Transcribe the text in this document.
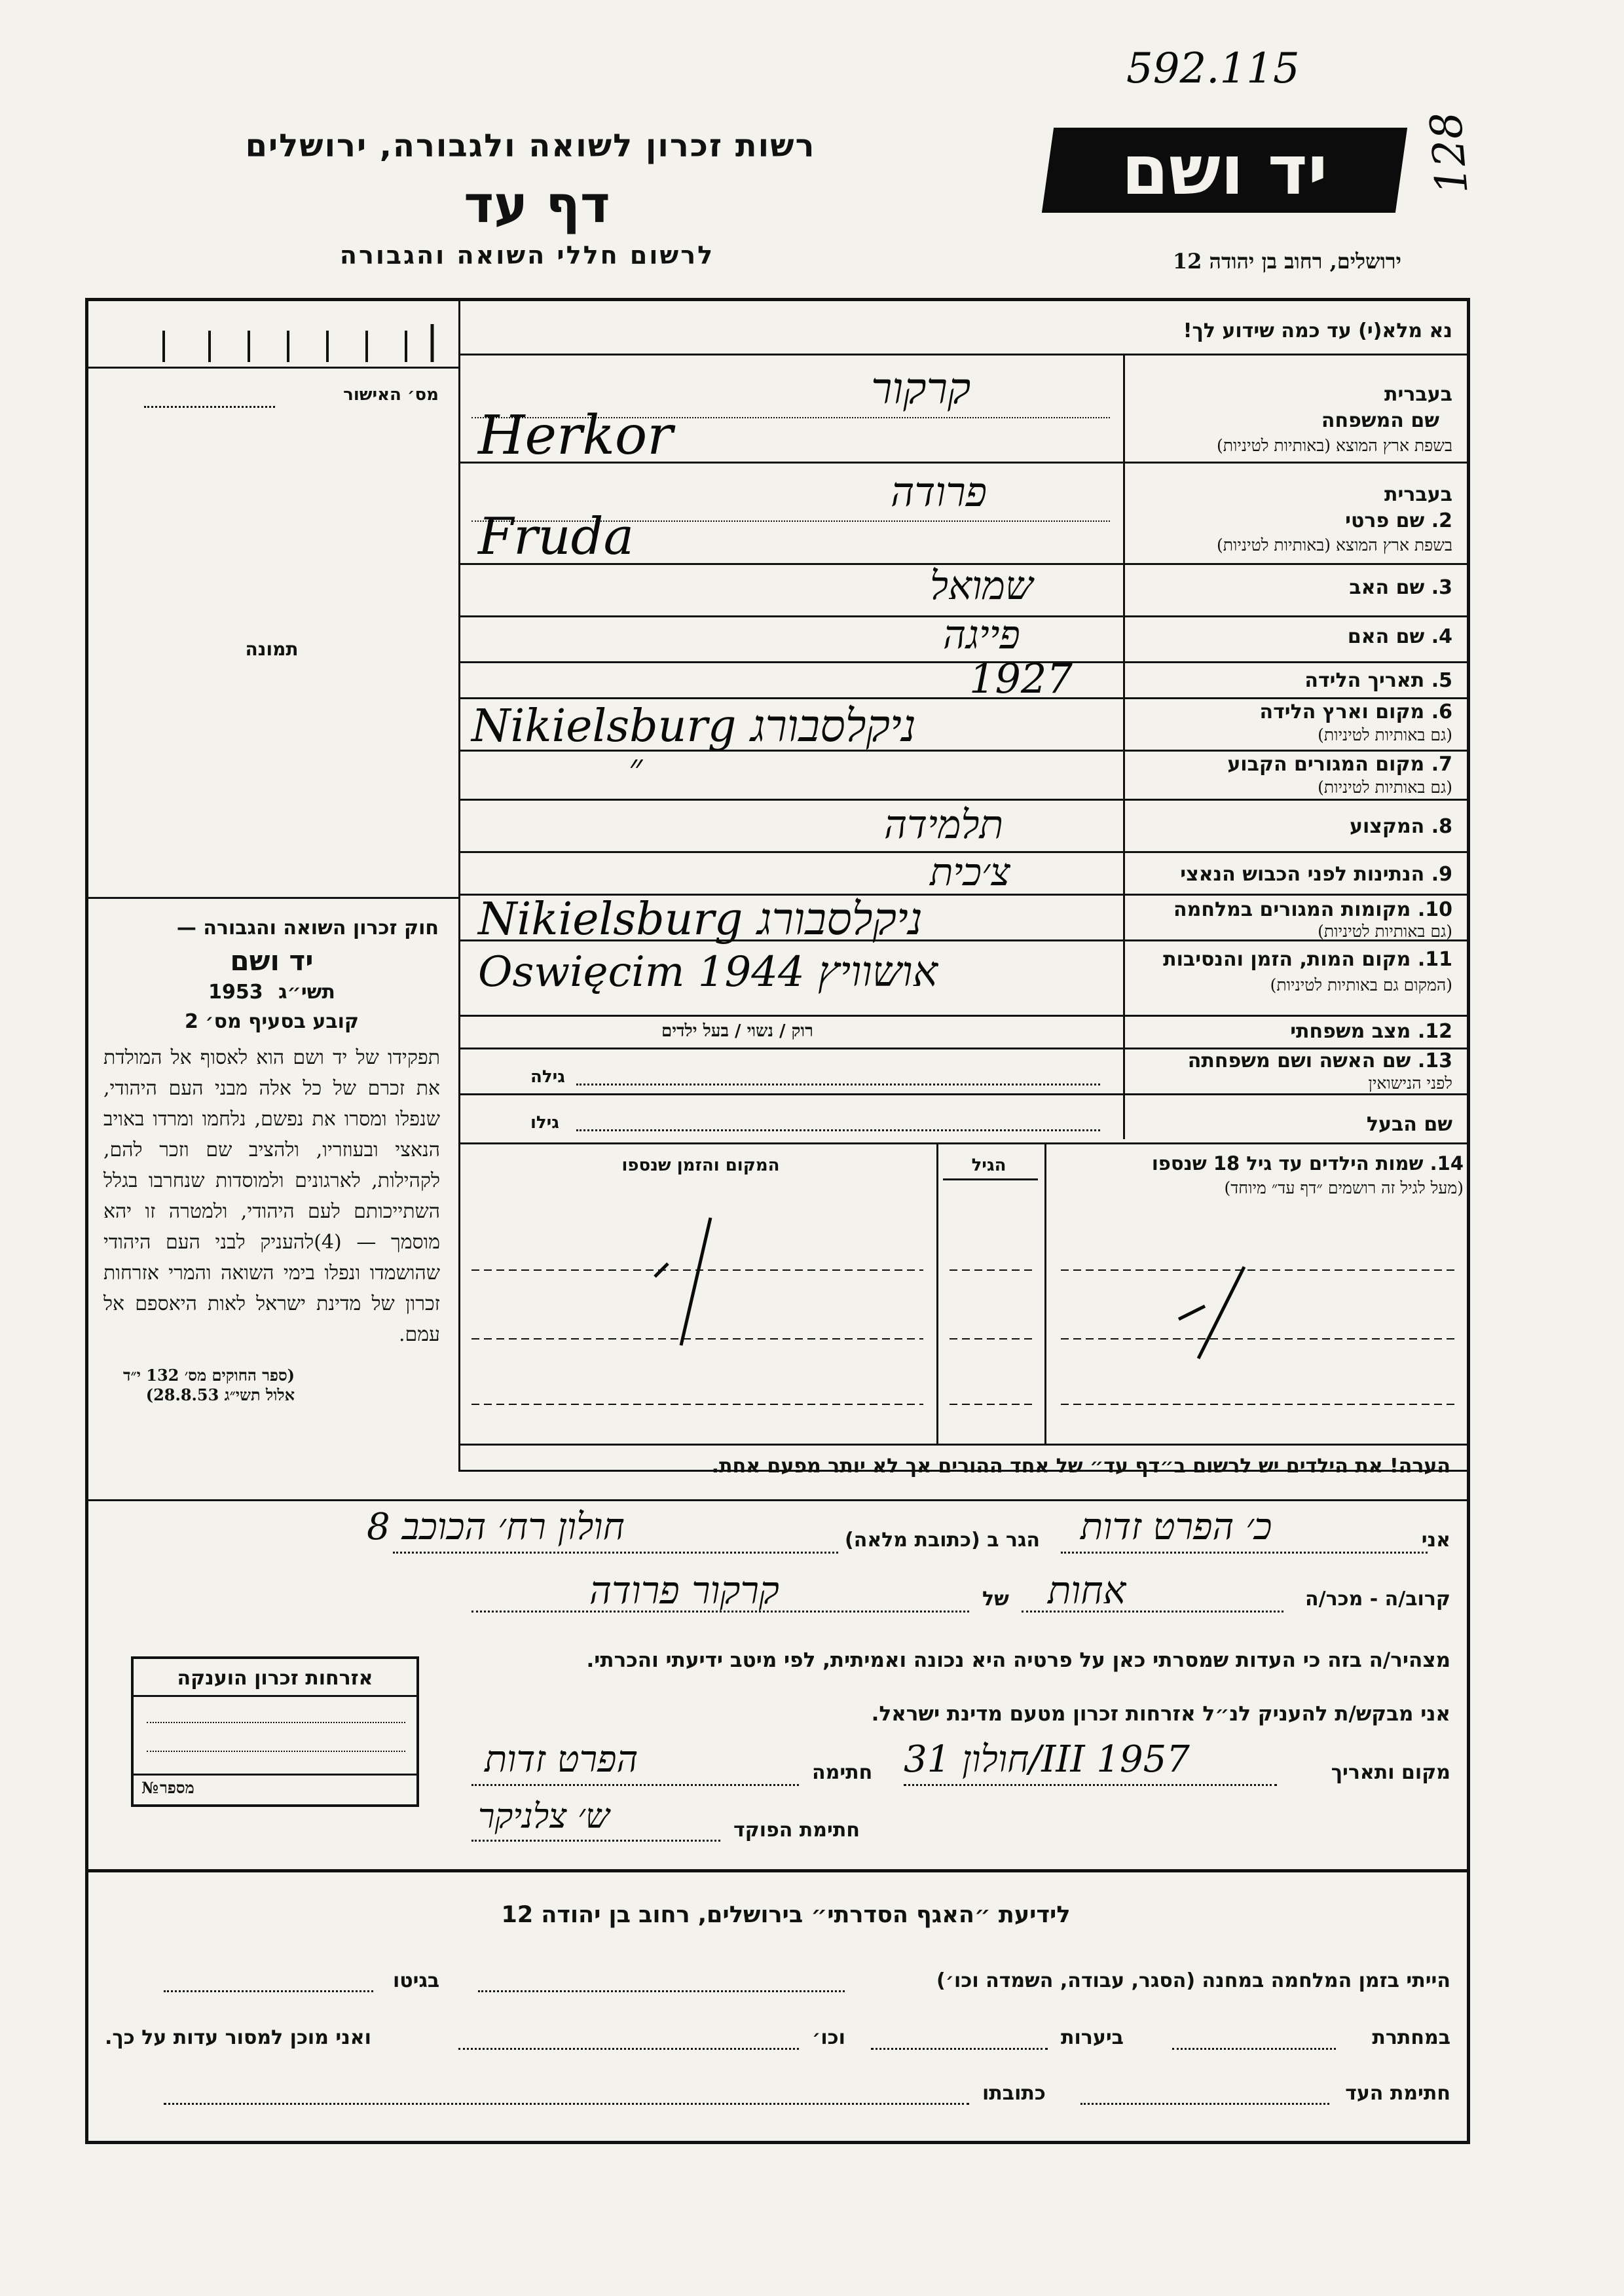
592.115
128
יד ושם
רשות זכרון לשואה ולגבורה, ירושלים
דף עד
לרשום חללי השואה והגבורה	ירושלים, רחוב בן יהודה 12
נא מלא(י) עד כמה שידוע לך!
מס׳ האישור
תמונה
חוק זכרון השואה והגבורה —
יד ושם
תשי״ג 1953
קובע בסעיף מס׳ 2
תפקידו של יד ושם הוא לאסוף אל המולדת את זכרם של כל אלה מבני העם היהודי, שנפלו ומסרו את נפשם, נלחמו ומרדו באויב הנאצי ובעוזריו, ולהציב שם וזכר להם, לקהילות, לארגונים ולמוסדות שנחרבו בגלל השתייכותם לעם היהודי, ולמטרה זו יהא מוסמך — (4)להעניק לבני העם היהודי שהושמדו ונפלו בימי השואה והמרי אזרחות זכרון של מדינת ישראל לאות היאספם אל עמם.
(ספר החוקים מס׳ 132 י״ד אלול תשי״ג 28.8.53)
בעברית
שם המשפחה
בשפת ארץ המוצא (באותיות לטיניות)
קרקור
Herkor
בעברית
2. שם פרטי
בשפת ארץ המוצא (באותיות לטיניות)
פרודה
Fruda
3. שם האב
שמואל
4. שם האם
פייגה
5. תאריך הלידה
1927
6. מקום וארץ הלידה
(גם באותיות לטיניות)
Nikielsburg ניקלסבורג
7. מקום המגורים הקבוע
(גם באותיות לטיניות)
״
8. המקצוע
תלמידה
9. הנתינות לפני הכבוש הנאצי
צ׳כית
10. מקומות המגורים במלחמה
(גם באותיות לטיניות)
Nikielsburg ניקלסבורג
11. מקום המות, הזמן והנסיבות
(המקום גם באותיות לטיניות)
Oswięcim 1944 אושוויץ
12. מצב משפחתי
רוק / נשוי / בעל ילדים
13. שם האשה ושם משפחתה
לפני הנישואין
גילה
שם הבעל
גילו
14. שמות הילדים עד גיל 18 שנספו
(מעל לגיל זה רושמים ״דף עד״ מיוחד)
הגיל
המקום והזמן שנספו
הערה! את הילדים יש לרשום ב״דף עד״ של אחד ההורים אך לא יותר מפעם אחת.
אני
כ׳ הפרט זדות
הגר ב (כתובת מלאה)
חולון רח׳ הכוכב 8
קרוב/ה - מכר/ה
אחות
של
קרקור פרודה
מצהיר/ה בזה כי העדות שמסרתי כאן על פרטיה היא נכונה ואמיתית, לפי מיטב ידיעתי והכרתי.
אני מבקש/ת להעניק לנ״ל אזרחות זכרון מטעם מדינת ישראל.
מקום ותאריך
חולון 31/III 1957
חתימה
הפרט זדות
חתימת הפוקד
ש׳ צלניקר
אזרחות זכרון הוענקה
מספר
№
לידיעת ״האגף הסדרתי״ בירושלים, רחוב בן יהודה 12
הייתי בזמן המלחמה במחנה (הסגר, עבודה, השמדה וכו׳)
בגיטו
במחתרת
ביערות
וכו׳
ואני מוכן למסור עדות על כך.
חתימת העד
כתובתו
